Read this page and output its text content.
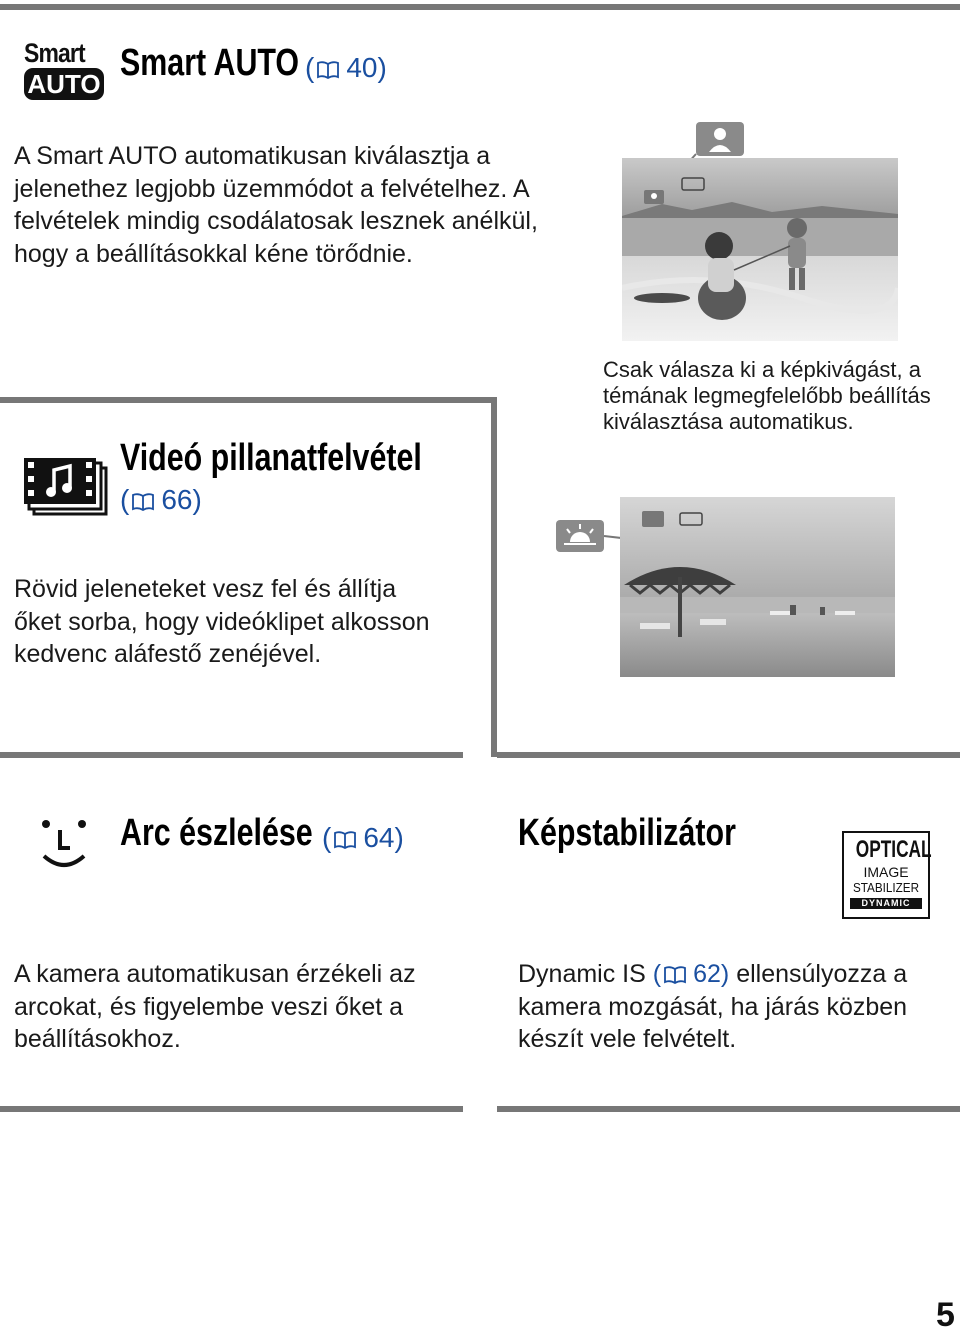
Smart
AUTO Smart AUTO ( 40)
A Smart AUTO automatikusan kiválasztja a jelenethez legjobb üzemmódot a felvételhez. A felvételek mindig csodálatosak lesznek anélkül, hogy a beállításokkal kéne törődnie.
Csak válasza ki a képkivágást, a témának legmegfelelőbb beállítás kiválasztása automatikus.
Videó pillanatfelvétel
( 66)
Rövid jeleneteket vesz fel és állítja őket sorba, hogy videóklipet alkosson kedvenc aláfestő zenéjével.
Arc észlelése ( 64)
A kamera automatikusan érzékeli az arcokat, és figyelembe veszi őket a beállításokhoz.
Képstabilizátor	OPTICAL
IMAGE
STABILIZER
DYNAMIC
Dynamic IS ( 62) ellensúlyozza a kamera mozgását, ha járás közben készít vele felvételt.
5
